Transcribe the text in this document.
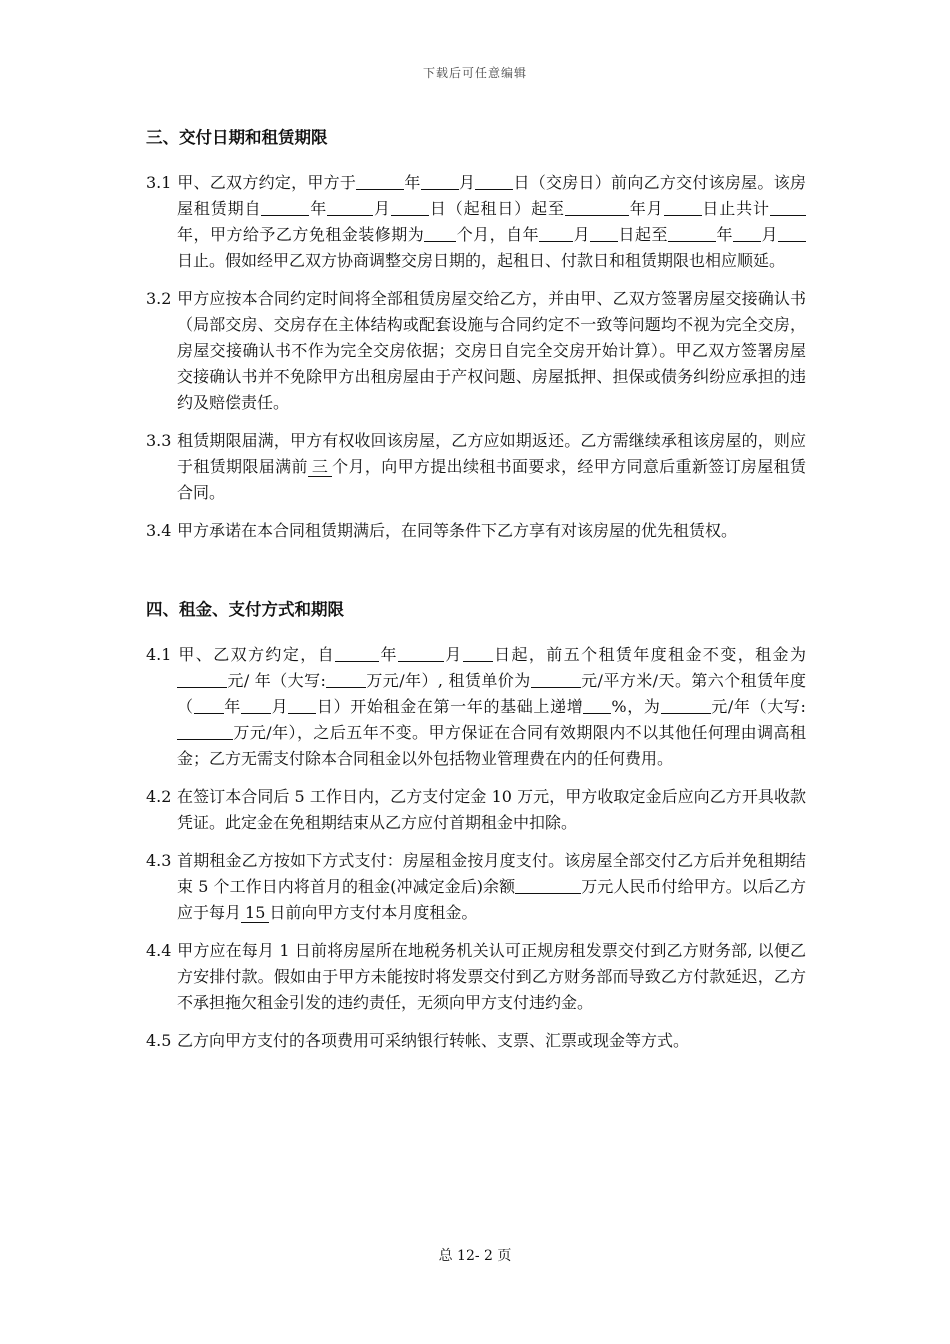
下载后可任意编辑
三、交付日期和租赁期限

3.1 甲、乙双方约定，甲方于	年 月 日（交房日）前向乙方交付该房屋。该房屋租赁期自	年	月 日（起租日）起至	年月 日止共计年，甲方给予乙方免租金装修期为 个月，自年 月 日起至	年 月日止。假如经甲乙双方协商调整交房日期的，起租日、付款日和租赁期限也相应顺延。

3.2 甲方应按本合同约定时间将全部租赁房屋交给乙方，并由甲、乙双方签署房屋交接确认书（局部交房、交房存在主体结构或配套设施与合同约定不一致等问题均不视为完全交房，房屋交接确认书不作为完全交房依据；交房日自完全交房开始计算）。甲乙双方签署房屋交接确认书并不免除甲方出租房屋由于产权问题、房屋抵押、担保或债务纠纷应承担的违约及赔偿责任。

3.3 租赁期限届满，甲方有权收回该房屋，乙方应如期返还。乙方需继续承租该房屋的，则应于租赁期限届满前 三 个月，向甲方提出续租书面要求，经甲方同意后重新签订房屋租赁合同。

3.4 甲方承诺在本合同租赁期满后，在同等条件下乙方享有对该房屋的优先租赁权。

四、租金、支付方式和期限

4.1 甲、乙双方约定，自	年	月 日起，前五个租赁年度租金不变，租金为元/ 年（大写:	万元/年）, 租赁单价为	元/平方米/天。第六个租赁年度（ 年 月 日）开始租金在第一年的基础上递增 %，为	元/年（大写:万元/年），之后五年不变。甲方保证在合同有效期限内不以其他任何理由调高租金；乙方无需支付除本合同租金以外包括物业管理费在内的任何费用。

4.2 在签订本合同后 5 工作日内，乙方支付定金 10 万元，甲方收取定金后应向乙方开具收款凭证。此定金在免租期结束从乙方应付首期租金中扣除。

4.3 首期租金乙方按如下方式支付：房屋租金按月度支付。该房屋全部交付乙方后并免租期结束 5 个工作日内将首月的租金(冲减定金后)余额	万元人民币付给甲方。以后乙方应于每月 15 日前向甲方支付本月度租金。

4.4 甲方应在每月 1 日前将房屋所在地税务机关认可正规房租发票交付到乙方财务部, 以便乙方安排付款。假如由于甲方未能按时将发票交付到乙方财务部而导致乙方付款延迟，乙方不承担拖欠租金引发的违约责任，无须向甲方支付违约金。

4.5 乙方向甲方支付的各项费用可采纳银行转帐、支票、汇票或现金等方式。

总 12- 2 页
